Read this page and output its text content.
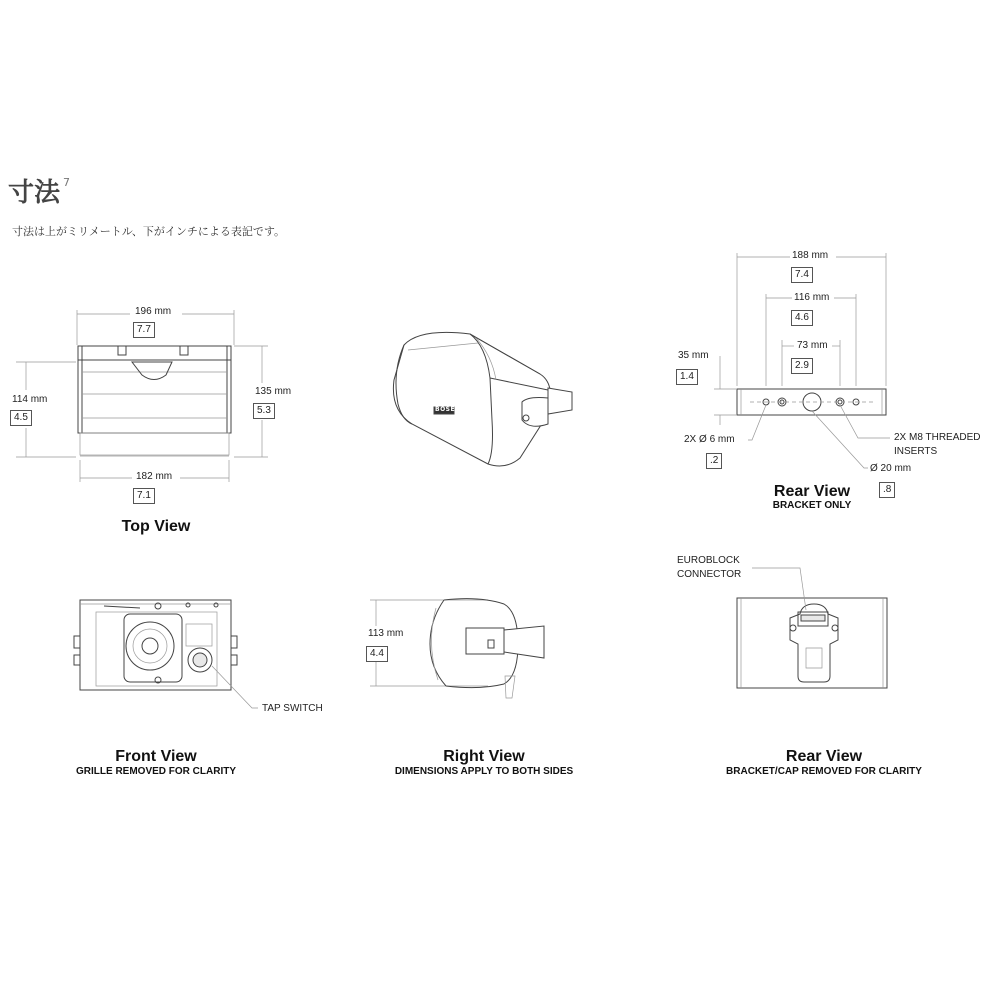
寸法 $^7$
寸法は上がミリメートル、下がインチによる表記です。
196 mm
7.7
114 mm
4.5
135 mm
5.3
182 mm
7.1
Top View
188 mm
7.4
116 mm
4.6
73 mm
2.9
35 mm
1.4
2X Ø 6 mm
.2
2X M8 THREADED
INSERTS
Ø 20 mm
.8
Rear View
BRACKET ONLY
TAP SWITCH
Front View
GRILLE REMOVED FOR CLARITY
113 mm
4.4
Right View
DIMENSIONS APPLY TO BOTH SIDES
EUROBLOCK
CONNECTOR
Rear View
BRACKET/CAP REMOVED FOR CLARITY
BOSE
